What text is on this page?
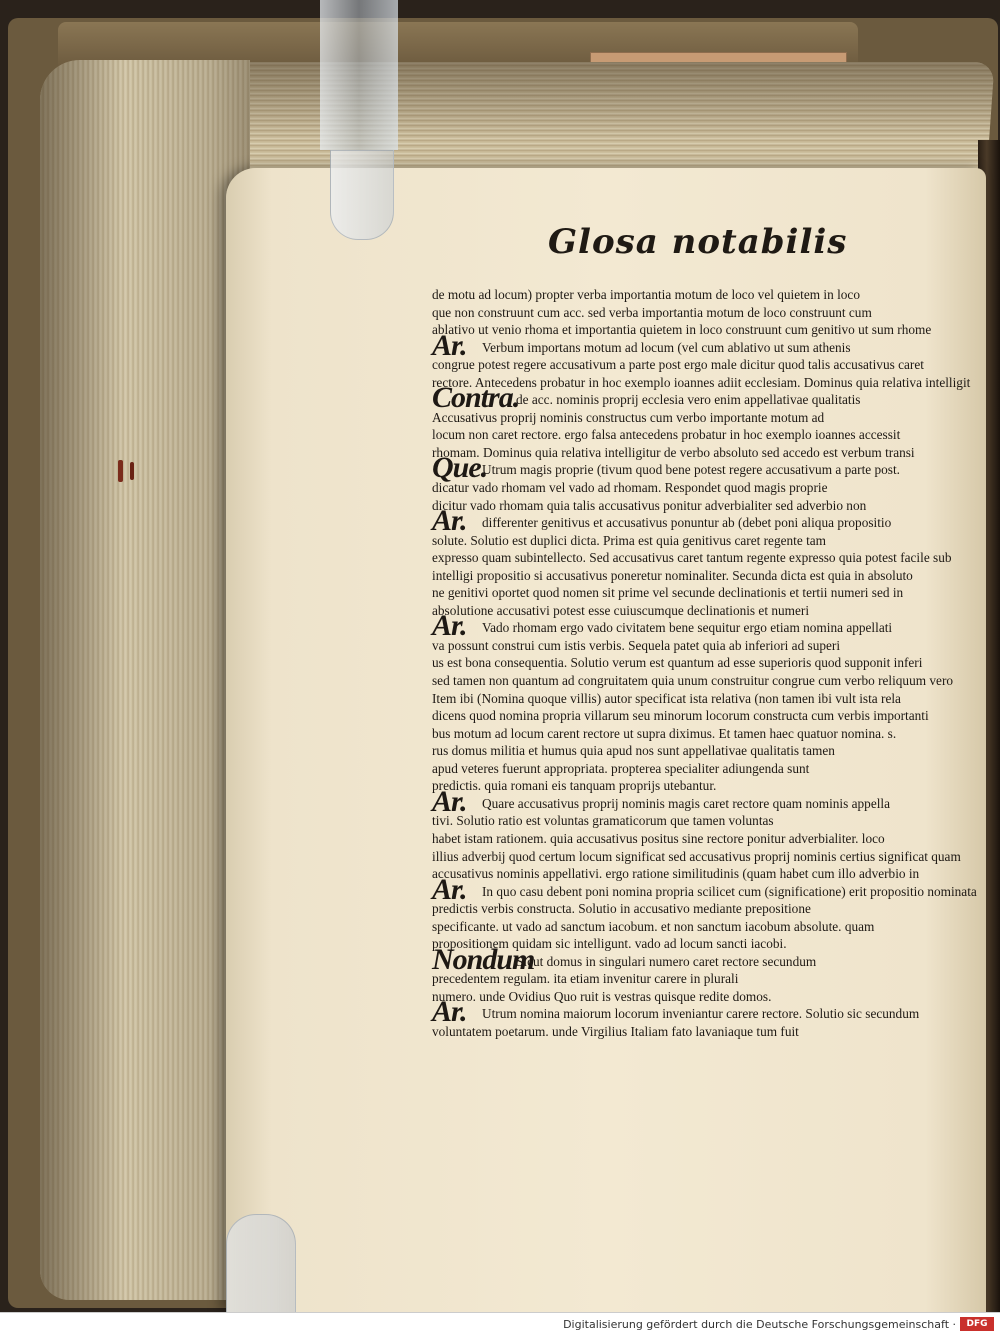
Glosa notabilis
de motu ad locum) propter verba importantia motum de loco vel quietem in loco
que non construunt cum acc. sed verba importantia motum de loco construunt cum
ablativo ut venio rhoma et importantia quietem in loco construunt cum genitivo ut sum rhome
Ar. Verbum importans motum ad locum (vel cum ablativo ut sum athenis
congrue potest regere accusativum a parte post ergo male dicitur quod talis accusativus caret
rectore. Antecedens probatur in hoc exemplo ioannes adiit ecclesiam. Dominus quia relativa intelligit
Contra.
de acc. nominis proprij ecclesia vero enim appellativae qualitatis
Accusativus proprij nominis constructus cum verbo importante motum ad
locum non caret rectore. ergo falsa antecedens probatur in hoc exemplo ioannes accessit
rhomam. Dominus quia relativa intelligitur de verbo absoluto sed accedo est verbum transi
Que.
Utrum magis proprie (tivum quod bene potest regere accusativum a parte post.
dicatur vado rhomam vel vado ad rhomam. Respondet quod magis proprie
dicitur vado rhomam quia talis accusativus ponitur adverbialiter sed adverbio non
Ar. differenter genitivus et accusativus ponuntur ab (debet poni aliqua propositio
solute. Solutio est duplici dicta. Prima est quia genitivus caret regente tam
expresso quam subintellecto. Sed accusativus caret tantum regente expresso quia potest facile sub
intelligi propositio si accusativus poneretur nominaliter. Secunda dicta est quia in absoluto
ne genitivi oportet quod nomen sit prime vel secunde declinationis et tertii numeri sed in
absolutione accusativi potest esse cuiuscumque declinationis et numeri
Ar. Vado rhomam ergo vado civitatem bene sequitur ergo etiam nomina appellati
va possunt construi cum istis verbis. Sequela patet quia ab inferiori ad superi
us est bona consequentia. Solutio verum est quantum ad esse superioris quod supponit inferi
sed tamen non quantum ad congruitatem quia unum construitur congrue cum verbo reliquum vero
Item ibi (Nomina quoque villis) autor specificat ista relativa (non tamen ibi vult ista rela
dicens quod nomina propria villarum seu minorum locorum constructa cum verbis importanti
bus motum ad locum carent rectore ut supra diximus. Et tamen haec quatuor nomina. s.
rus domus militia et humus quia apud nos sunt appellativae qualitatis tamen
apud veteres fuerunt appropriata. propterea specialiter adiungenda sunt
predictis. quia romani eis tanquam proprijs utebantur.
Ar. Quare accusativus proprij nominis magis caret rectore quam nominis appella
tivi. Solutio ratio est voluntas gramaticorum que tamen voluntas
habet istam rationem. quia accusativus positus sine rectore ponitur adverbialiter. loco
illius adverbij quod certum locum significat sed accusativus proprij nominis certius significat quam
accusativus nominis appellativi. ergo ratione similitudinis (quam habet cum illo adverbio in
Ar. In quo casu debent poni nomina propria scilicet cum (significatione) erit propositio nominata
predictis verbis constructa. Solutio in accusativo mediante prepositione
specificante. ut vado ad sanctum iacobum. et non sanctum iacobum absolute. quam
propositionem quidam sic intelligunt. vado ad locum sancti iacobi.
Nondum
Sicut domus in singulari numero caret rectore secundum
precedentem regulam. ita etiam invenitur carere in plurali
numero. unde Ovidius Quo ruit is vestras quisque redite domos.
Ar. Utrum nomina maiorum locorum inveniantur carere rectore. Solutio sic secundum
voluntatem poetarum. unde Virgilius Italiam fato lavaniaque tum fuit
Digitalisierung gefördert durch die Deutsche Forschungsgemeinschaft ·	DFG
